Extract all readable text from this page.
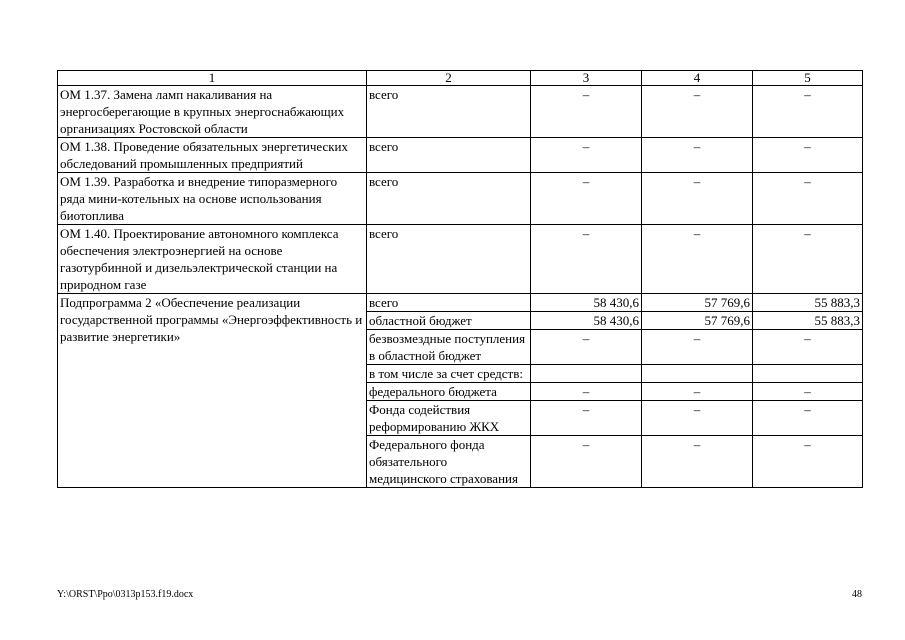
1	2	3	4	5
ОМ 1.37. Замена ламп накаливания на энергосберегающие в крупных энергоснабжающих организациях Ростовской области	всего	–	–	–
ОМ 1.38. Проведение обязательных энергетических обследований промышленных предприятий	всего	–	–	–
ОМ 1.39. Разработка и внедрение типоразмерного ряда мини-котельных на основе использования биотоплива	всего	–	–	–
ОМ 1.40. Проектирование автономного комплекса обеспечения электроэнергией на основе газотурбинной и дизельэлектрической станции на природном газе	всего	–	–	–
Подпрограмма 2 «Обеспечение реализации государственной программы «Энергоэффективность и развитие энергетики»	всего	58 430,6	57 769,6	55 883,3
	областной бюджет	58 430,6	57 769,6	55 883,3
	безвозмездные поступления в областной бюджет	–	–	–
	в том числе за счет средств:			
	федерального бюджета	–	–	–
	Фонда содействия реформированию ЖКХ	–	–	–
	Федерального фонда обязательного медицинского страхования	–	–	–
Y:\ORST\Ppo\0313p153.f19.docx	48
